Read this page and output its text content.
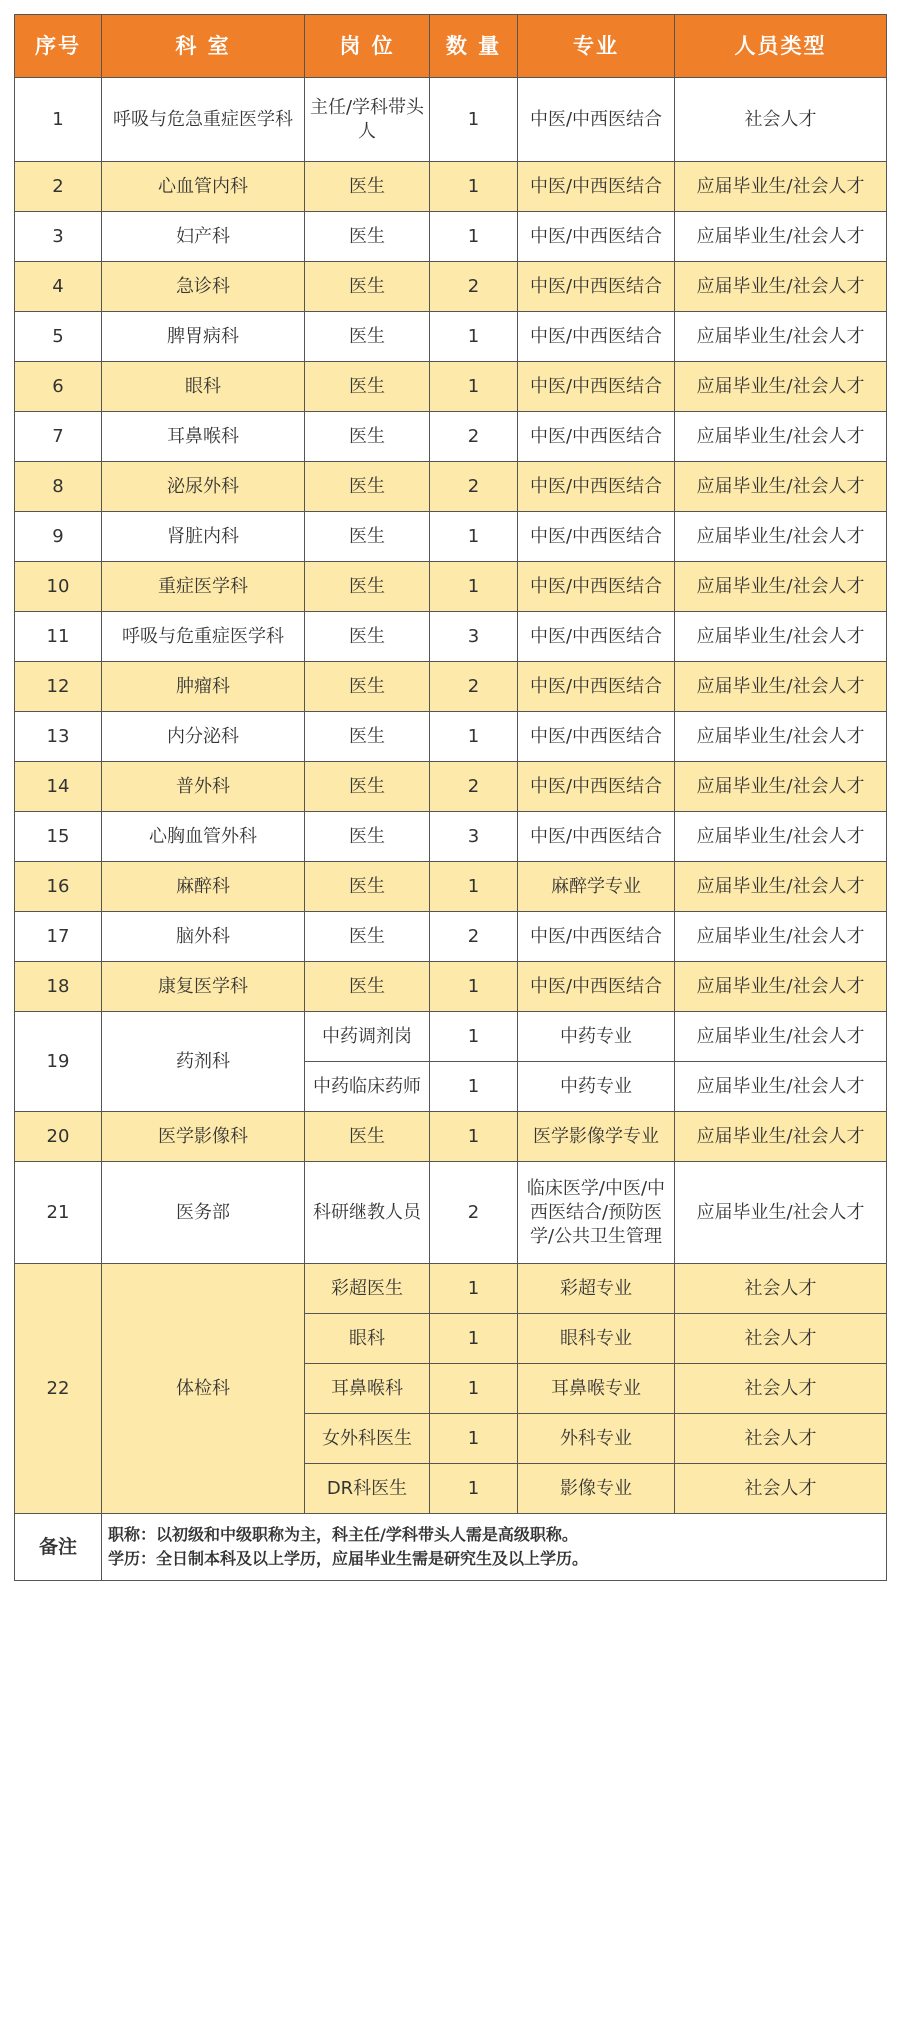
序号	科 室	岗 位	数 量	专业	人员类型
1	呼吸与危急重症医学科	主任/学科带头人	1	中医/中西医结合	社会人才
2	心血管内科	医生	1	中医/中西医结合	应届毕业生/社会人才
3	妇产科	医生	1	中医/中西医结合	应届毕业生/社会人才
4	急诊科	医生	2	中医/中西医结合	应届毕业生/社会人才
5	脾胃病科	医生	1	中医/中西医结合	应届毕业生/社会人才
6	眼科	医生	1	中医/中西医结合	应届毕业生/社会人才
7	耳鼻喉科	医生	2	中医/中西医结合	应届毕业生/社会人才
8	泌尿外科	医生	2	中医/中西医结合	应届毕业生/社会人才
9	肾脏内科	医生	1	中医/中西医结合	应届毕业生/社会人才
10	重症医学科	医生	1	中医/中西医结合	应届毕业生/社会人才
11	呼吸与危重症医学科	医生	3	中医/中西医结合	应届毕业生/社会人才
12	肿瘤科	医生	2	中医/中西医结合	应届毕业生/社会人才
13	内分泌科	医生	1	中医/中西医结合	应届毕业生/社会人才
14	普外科	医生	2	中医/中西医结合	应届毕业生/社会人才
15	心胸血管外科	医生	3	中医/中西医结合	应届毕业生/社会人才
16	麻醉科	医生	1	麻醉学专业	应届毕业生/社会人才
17	脑外科	医生	2	中医/中西医结合	应届毕业生/社会人才
18	康复医学科	医生	1	中医/中西医结合	应届毕业生/社会人才
19	药剂科	中药调剂岗	1	中药专业	应届毕业生/社会人才
		中药临床药师	1	中药专业	应届毕业生/社会人才
20	医学影像科	医生	1	医学影像学专业	应届毕业生/社会人才
21	医务部	科研继教人员	2	临床医学/中医/中西医结合/预防医学/公共卫生管理	应届毕业生/社会人才
22	体检科	彩超医生	1	彩超专业	社会人才
		眼科	1	眼科专业	社会人才
		耳鼻喉科	1	耳鼻喉专业	社会人才
		女外科医生	1	外科专业	社会人才
		DR科医生	1	影像专业	社会人才
备注	职称：以初级和中级职称为主，科主任/学科带头人需是高级职称。
学历：全日制本科及以上学历，应届毕业生需是研究生及以上学历。				
